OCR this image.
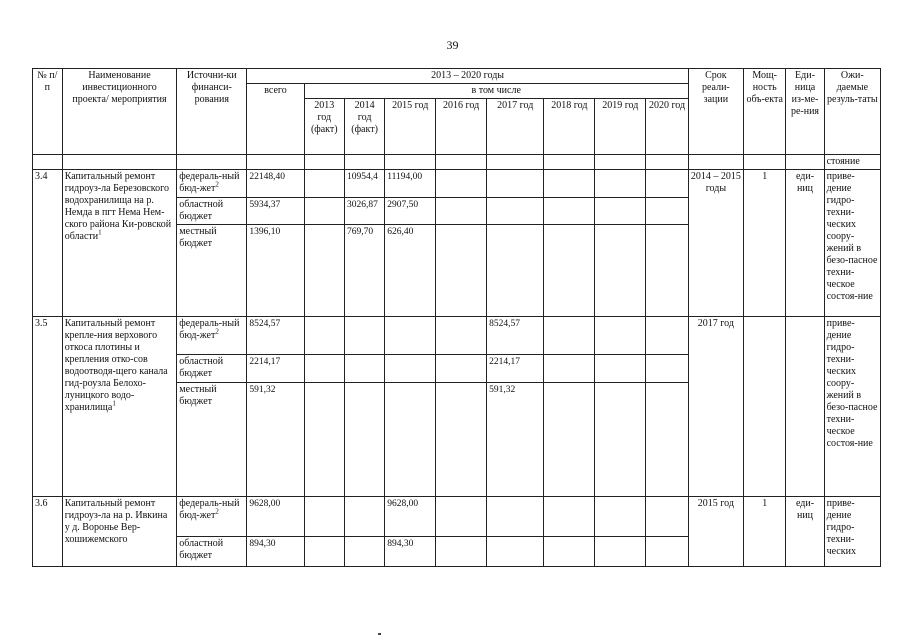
39
№ п/п	Наименование инвестиционного проекта/ мероприятия	Источни-ки финанси-рования	2013 – 2020 годы									Срок реали-зации	Мощ-ность объ-екта	Еди-ница из-ме-ре-ния	Ожи-даемые резуль-таты
			всего	в том числе											
				2013 год (факт)	2014 год (факт)	2015 год	2016 год	2017 год	2018 год	2019 год	2020 год				
															стояние
3.4	Капитальный ремонт гидроуз-ла Березовского водохранилища на р. Немда в пгт Нема Нем-ского района Ки-ровской области$^1$	федераль-ный бюд-жет$^2$	22148,40		10954,4	11194,00						2014 – 2015 годы	1	еди-ниц	приве-дение гидро-техни-ческих соору-жений в безо-пасное техни-ческое состоя-ние
		областной бюджет	5934,37		3026,87	2907,50									
		местный бюджет	1396,10		769,70	626,40									
3.5	Капитальный ремонт крепле-ния верхового откоса плотины и крепления отко-сов водоотводя-щего канала гид-роузла Белохо-луницкого водо-хранилища$^1$	федераль-ный бюд-жет$^2$	8524,57					8524,57				2017 год			приве-дение гидро-техни-ческих соору-жений в безо-пасное техни-ческое состоя-ние
		областной бюджет	2214,17					2214,17							
		местный бюджет	591,32					591,32							
3.6	Капитальный ремонт гидроуз-ла на р. Ивкина у д. Воронье Вер-хошижемского	федераль-ный бюд-жет$^2$	9628,00			9628,00						2015 год	1	еди-ниц	приве-дение гидро-техни-ческих
		областной бюджет	894,30			894,30									
